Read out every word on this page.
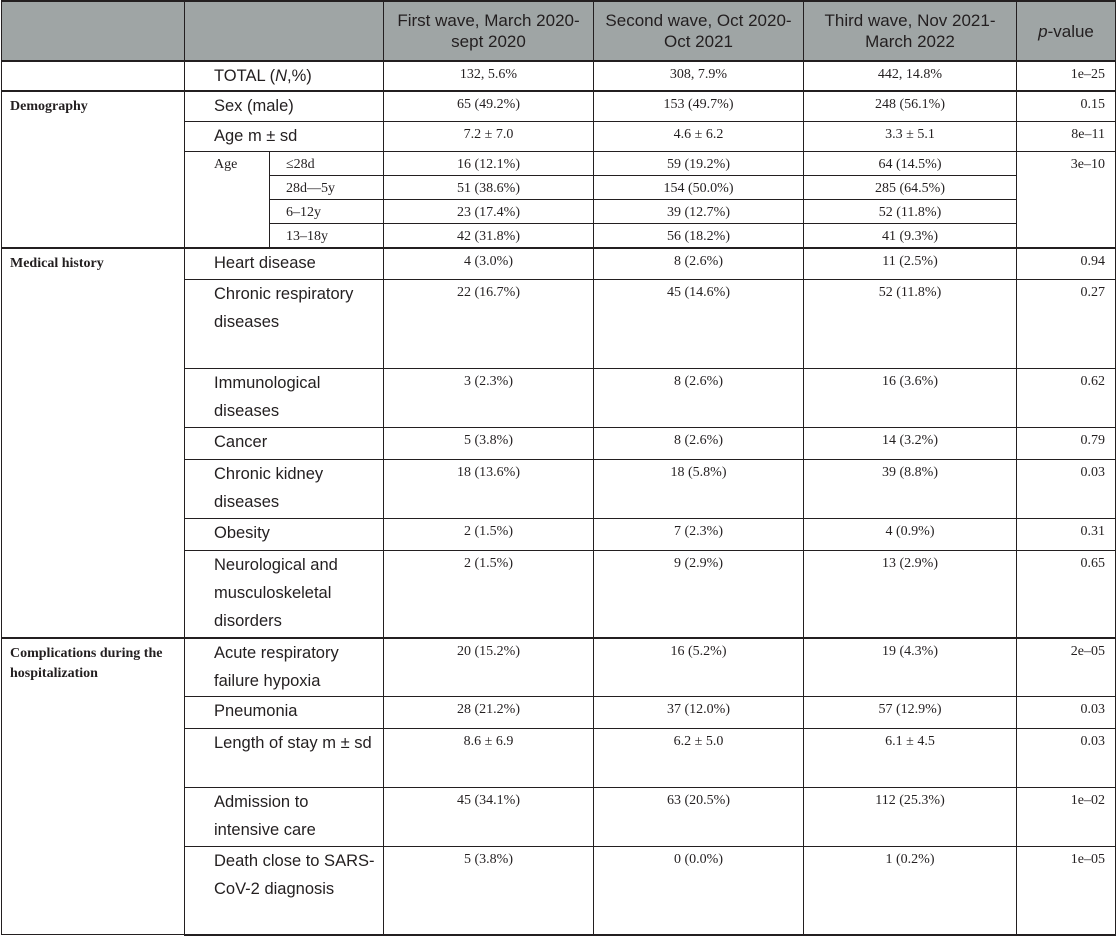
			First wave, March 2020-sept 2020	Second wave, Oct 2020-Oct 2021	Third wave, Nov 2021-March 2022	p-value
	TOTAL (N,%)		132, 5.6%	308, 7.9%	442, 14.8%	1e–25
Demography	Sex (male)		65 (49.2%)	153 (49.7%)	248 (56.1%)	0.15
	Age m ± sd		7.2 ± 7.0	4.6 ± 6.2	3.3 ± 5.1	8e–11
	Age	≤28d	16 (12.1%)	59 (19.2%)	64 (14.5%)	3e–10
		28d—5y	51 (38.6%)	154 (50.0%)	285 (64.5%)	
		6–12y	23 (17.4%)	39 (12.7%)	52 (11.8%)	
		13–18y	42 (31.8%)	56 (18.2%)	41 (9.3%)	
Medical history	Heart disease		4 (3.0%)	8 (2.6%)	11 (2.5%)	0.94
	Chronic respiratory diseases		22 (16.7%)	45 (14.6%)	52 (11.8%)	0.27
	Immunological diseases		3 (2.3%)	8 (2.6%)	16 (3.6%)	0.62
	Cancer		5 (3.8%)	8 (2.6%)	14 (3.2%)	0.79
	Chronic kidney diseases		18 (13.6%)	18 (5.8%)	39 (8.8%)	0.03
	Obesity		2 (1.5%)	7 (2.3%)	4 (0.9%)	0.31
	Neurological and musculoskeletal disorders		2 (1.5%)	9 (2.9%)	13 (2.9%)	0.65
Complications during the hospitalization	Acute respiratory failure hypoxia		20 (15.2%)	16 (5.2%)	19 (4.3%)	2e–05
	Pneumonia		28 (21.2%)	37 (12.0%)	57 (12.9%)	0.03
	Length of stay m ± sd		8.6 ± 6.9	6.2 ± 5.0	6.1 ± 4.5	0.03
	Admission to intensive care		45 (34.1%)	63 (20.5%)	112 (25.3%)	1e–02
	Death close to SARS-CoV-2 diagnosis		5 (3.8%)	0 (0.0%)	1 (0.2%)	1e–05
